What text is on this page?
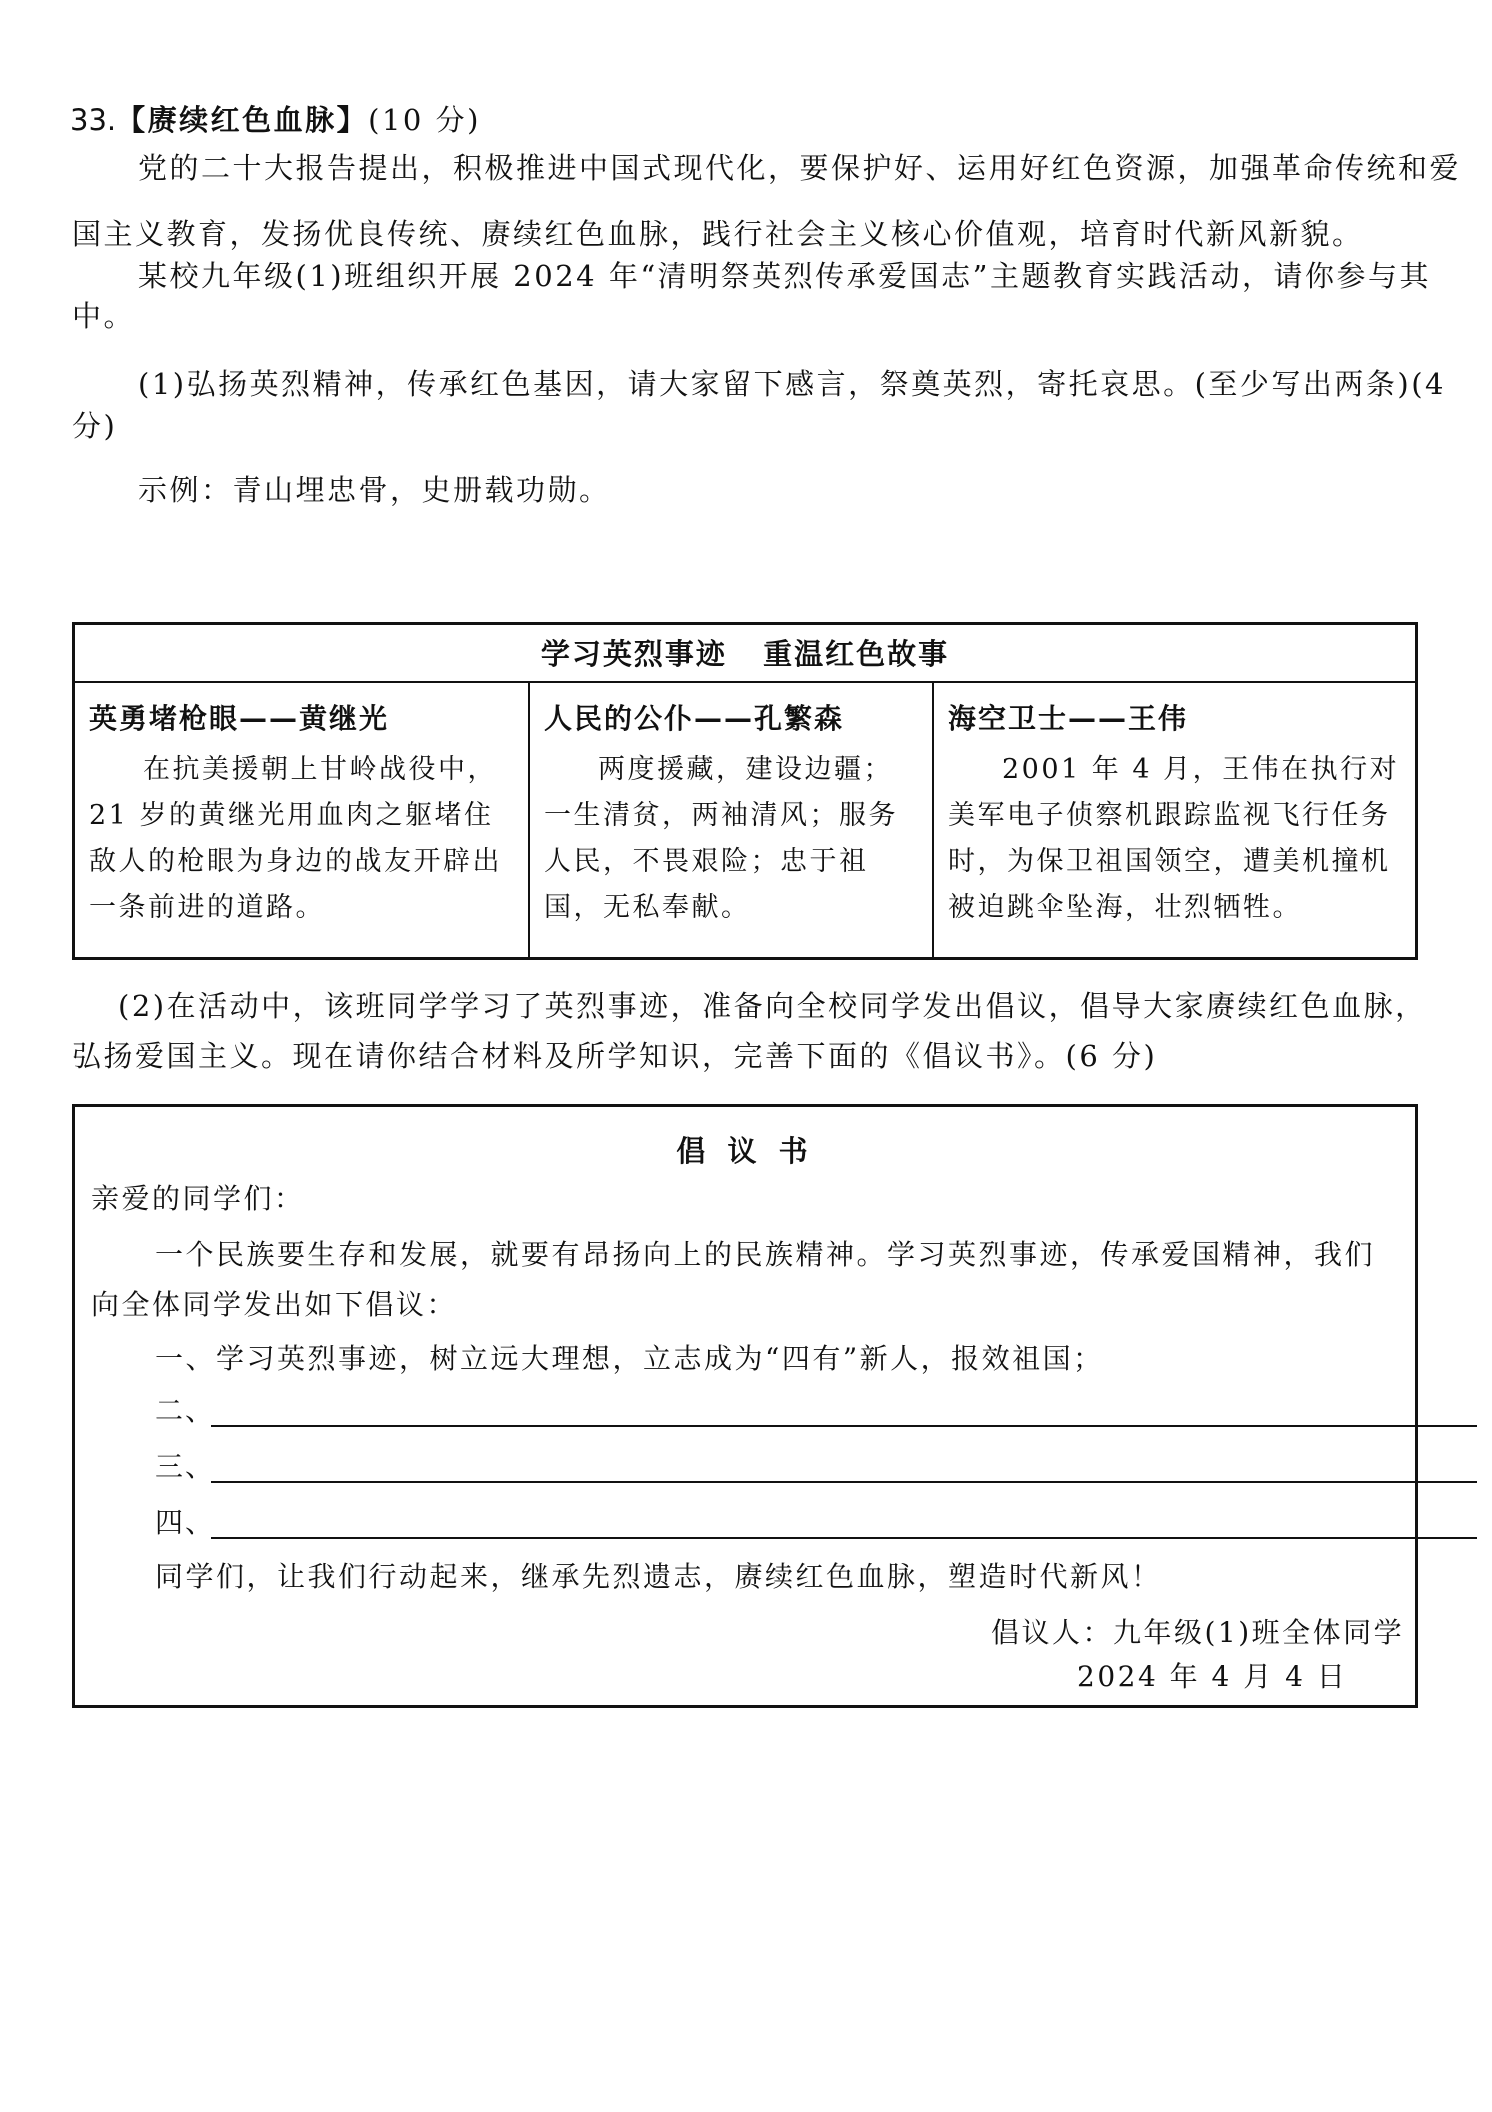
33.【赓续红色血脉】(10 分)
党的二十大报告提出，积极推进中国式现代化，要保护好、运用好红色资源，加强革命传统和爱
国主义教育，发扬优良传统、赓续红色血脉，践行社会主义核心价值观，培育时代新风新貌。
某校九年级(1)班组织开展 2024 年“清明祭英烈传承爱国志”主题教育实践活动，请你参与其
中。
(1)弘扬英烈精神，传承红色基因，请大家留下感言，祭奠英烈，寄托哀思。(至少写出两条)(4
分)
示例：青山埋忠骨，史册载功勋。
学习英烈事迹   重温红色故事
英勇堵枪眼——黄继光
在抗美援朝上甘岭战役中，21 岁的黄继光用血肉之躯堵住敌人的枪眼为身边的战友开辟出一条前进的道路。
人民的公仆——孔繁森
两度援藏，建设边疆；一生清贫，两袖清风；服务人民，不畏艰险；忠于祖国，无私奉献。
海空卫士——王伟
2001 年 4 月，王伟在执行对美军电子侦察机跟踪监视飞行任务时，为保卫祖国领空，遭美机撞机被迫跳伞坠海，壮烈牺牲。
(2)在活动中，该班同学学习了英烈事迹，准备向全校同学发出倡议，倡导大家赓续红色血脉，
弘扬爱国主义。现在请你结合材料及所学知识，完善下面的《倡议书》。(6 分)
倡 议 书
亲爱的同学们：
一个民族要生存和发展，就要有昂扬向上的民族精神。学习英烈事迹，传承爱国精神，我们
向全体同学发出如下倡议：
一、学习英烈事迹，树立远大理想，立志成为“四有”新人，报效祖国；
二、
三、
四、
同学们，让我们行动起来，继承先烈遗志，赓续红色血脉，塑造时代新风！
倡议人：九年级(1)班全体同学
2024 年 4 月 4 日
